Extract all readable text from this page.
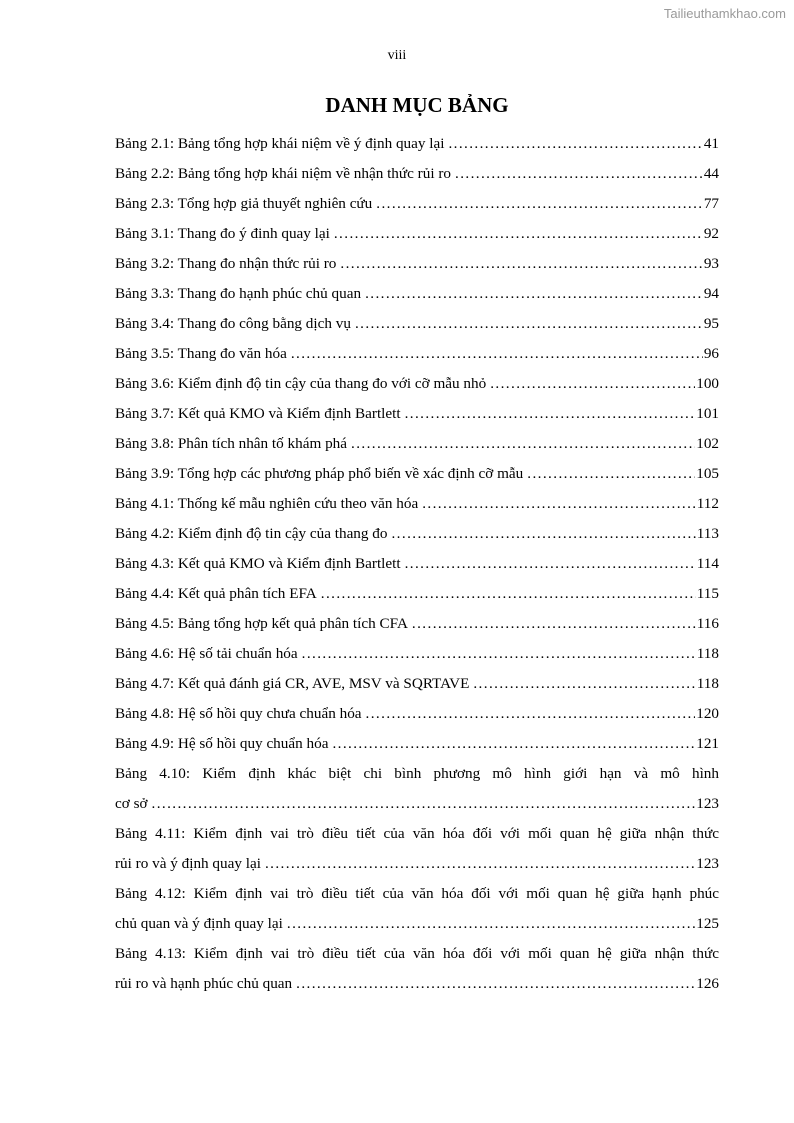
Tailieuthamkhao.com
viii
DANH MỤC BẢNG
Bảng 2.1: Bảng tổng hợp khái niệm về ý định quay lại . . .	41
Bảng 2.2: Bảng tổng hợp khái niệm về nhận thức rủi ro . . .	44
Bảng 2.3: Tổng hợp giả thuyết nghiên cứu . . .	77
Bảng 3.1: Thang đo ý đinh quay lại . . .	92
Bảng 3.2: Thang đo nhận thức rủi ro . . .	93
Bảng 3.3: Thang đo hạnh phúc chủ quan . . .	94
Bảng 3.4: Thang đo công bằng dịch vụ . . .	95
Bảng 3.5: Thang đo văn hóa . . .	96
Bảng 3.6: Kiểm định độ tin cậy của thang đo với cỡ mẫu nhỏ . . .	100
Bảng 3.7: Kết quả KMO và Kiểm định Bartlett . . .	101
Bảng 3.8: Phân tích nhân tố khám phá . . .	102
Bảng 3.9: Tổng hợp các phương pháp phổ biến về xác định cỡ mẫu . . .	105
Bảng 4.1: Thống kế mẫu nghiên cứu theo văn hóa . . .	112
Bảng 4.2: Kiểm định độ tin cậy của thang đo . . .	113
Bảng 4.3: Kết quả KMO và Kiểm định Bartlett . . .	114
Bảng 4.4: Kết quả phân tích EFA . . .	115
Bảng 4.5: Bảng tổng hợp kết quả phân tích CFA . . .	116
Bảng 4.6: Hệ số tải chuẩn hóa . . .	118
Bảng 4.7: Kết quả đánh giá CR, AVE, MSV và SQRTAVE . . .	118
Bảng 4.8: Hệ số hồi quy chưa chuẩn hóa . . .	120
Bảng 4.9: Hệ số hồi quy chuẩn hóa . . .	121
Bảng 4.10: Kiểm định khác biệt chi bình phương mô hình giới hạn và mô hình
cơ sở . . .	123
Bảng 4.11: Kiểm định vai trò điều tiết của văn hóa đối với mối quan hệ giữa nhận thức
rủi ro và ý định quay lại . . .	123
Bảng 4.12: Kiểm định vai trò điều tiết của văn hóa đối với mối quan hệ giữa hạnh phúc
chủ quan và ý định quay lại . . .	125
Bảng 4.13: Kiểm định vai trò điều tiết của văn hóa đối với mối quan hệ giữa nhận thức
rủi ro và hạnh phúc chủ quan . . .	126
